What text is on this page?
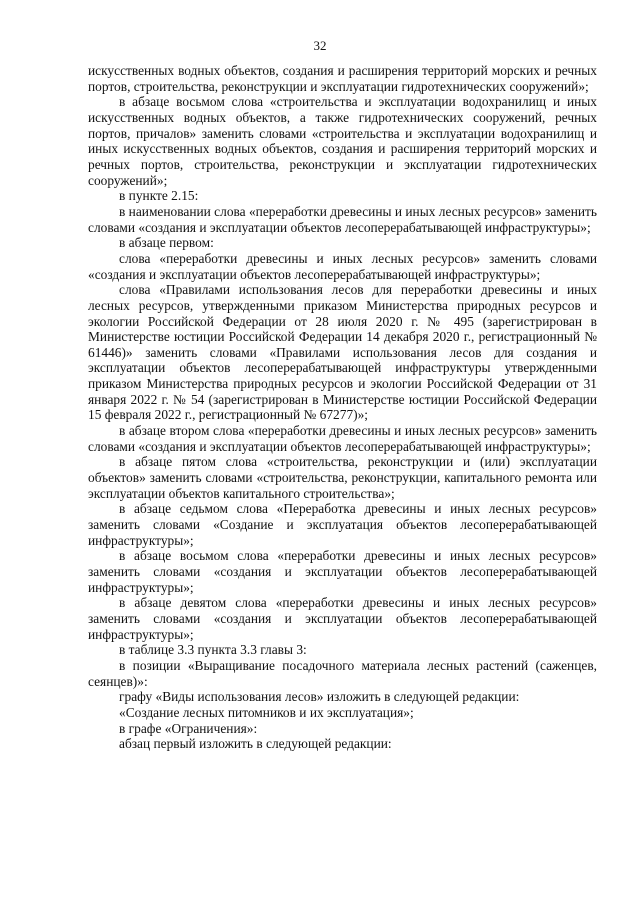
32

искусственных водных объектов, создания и расширения территорий морских и речных портов, строительства, реконструкции и эксплуатации гидротехнических сооружений»;

в абзаце восьмом слова «строительства и эксплуатации водохранилищ и иных искусственных водных объектов, а также гидротехнических сооружений, речных портов, причалов» заменить словами «строительства и эксплуатации водохранилищ и иных искусственных водных объектов, создания и расширения территорий морских и речных портов, строительства, реконструкции и эксплуатации гидротехнических сооружений»;

в пункте 2.15:

в наименовании слова «переработки древесины и иных лесных ресурсов» заменить словами «создания и эксплуатации объектов лесоперерабатывающей инфраструктуры»;

в абзаце первом:

слова «переработки древесины и иных лесных ресурсов» заменить словами «создания и эксплуатации объектов лесоперерабатывающей инфраструктуры»;

слова «Правилами использования лесов для переработки древесины и иных лесных ресурсов, утвержденными приказом Министерства природных ресурсов и экологии Российской Федерации от 28 июля 2020 г. № 495 (зарегистрирован в Министерстве юстиции Российской Федерации 14 декабря 2020 г., регистрационный № 61446)» заменить словами «Правилами использования лесов для создания и эксплуатации объектов лесоперерабатывающей инфраструктуры утвержденными приказом Министерства природных ресурсов и экологии Российской Федерации от 31 января 2022 г. № 54 (зарегистрирован в Министерстве юстиции Российской Федерации 15 февраля 2022 г., регистрационный № 67277)»;

в абзаце втором слова «переработки древесины и иных лесных ресурсов» заменить словами «создания и эксплуатации объектов лесоперерабатывающей инфраструктуры»;

в абзаце пятом слова «строительства, реконструкции и (или) эксплуатации объектов» заменить словами «строительства, реконструкции, капитального ремонта или эксплуатации объектов капитального строительства»;

в абзаце седьмом слова «Переработка древесины и иных лесных ресурсов» заменить словами «Создание и эксплуатация объектов лесоперерабатывающей инфраструктуры»;

в абзаце восьмом слова «переработки древесины и иных лесных ресурсов» заменить словами «создания и эксплуатации объектов лесоперерабатывающей инфраструктуры»;

в абзаце девятом слова «переработки древесины и иных лесных ресурсов» заменить словами «создания и эксплуатации объектов лесоперерабатывающей инфраструктуры»;

в таблице 3.3 пункта 3.3 главы 3:

в позиции «Выращивание посадочного материала лесных растений (саженцев, сеянцев)»:

графу «Виды использования лесов» изложить в следующей редакции:

«Создание лесных питомников и их эксплуатация»;

в графе «Ограничения»:

абзац первый изложить в следующей редакции:
